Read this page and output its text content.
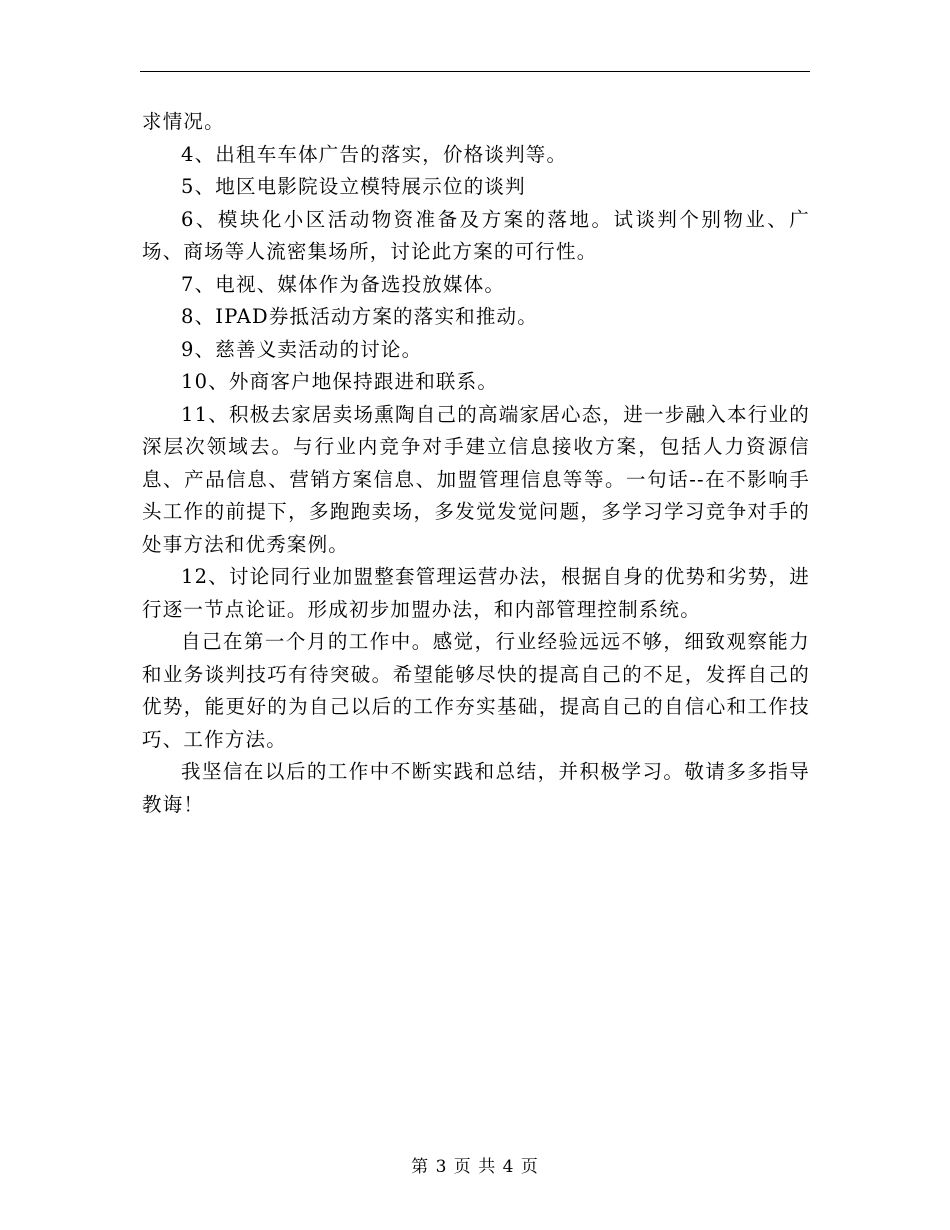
求情况。

4、出租车车体广告的落实，价格谈判等。

5、地区电影院设立模特展示位的谈判

6、模块化小区活动物资准备及方案的落地。试谈判个别物业、广场、商场等人流密集场所，讨论此方案的可行性。

7、电视、媒体作为备选投放媒体。

8、IPAD券抵活动方案的落实和推动。

9、慈善义卖活动的讨论。

10、外商客户地保持跟进和联系。

11、积极去家居卖场熏陶自己的高端家居心态，进一步融入本行业的深层次领域去。与行业内竞争对手建立信息接收方案，包括人力资源信息、产品信息、营销方案信息、加盟管理信息等等。一句话--在不影响手头工作的前提下，多跑跑卖场，多发觉发觉问题，多学习学习竞争对手的处事方法和优秀案例。

12、讨论同行业加盟整套管理运营办法，根据自身的优势和劣势，进行逐一节点论证。形成初步加盟办法，和内部管理控制系统。

自己在第一个月的工作中。感觉，行业经验远远不够，细致观察能力和业务谈判技巧有待突破。希望能够尽快的提高自己的不足，发挥自己的优势，能更好的为自己以后的工作夯实基础，提高自己的自信心和工作技巧、工作方法。

我坚信在以后的工作中不断实践和总结，并积极学习。敬请多多指导教诲！

第 3 页 共 4 页
